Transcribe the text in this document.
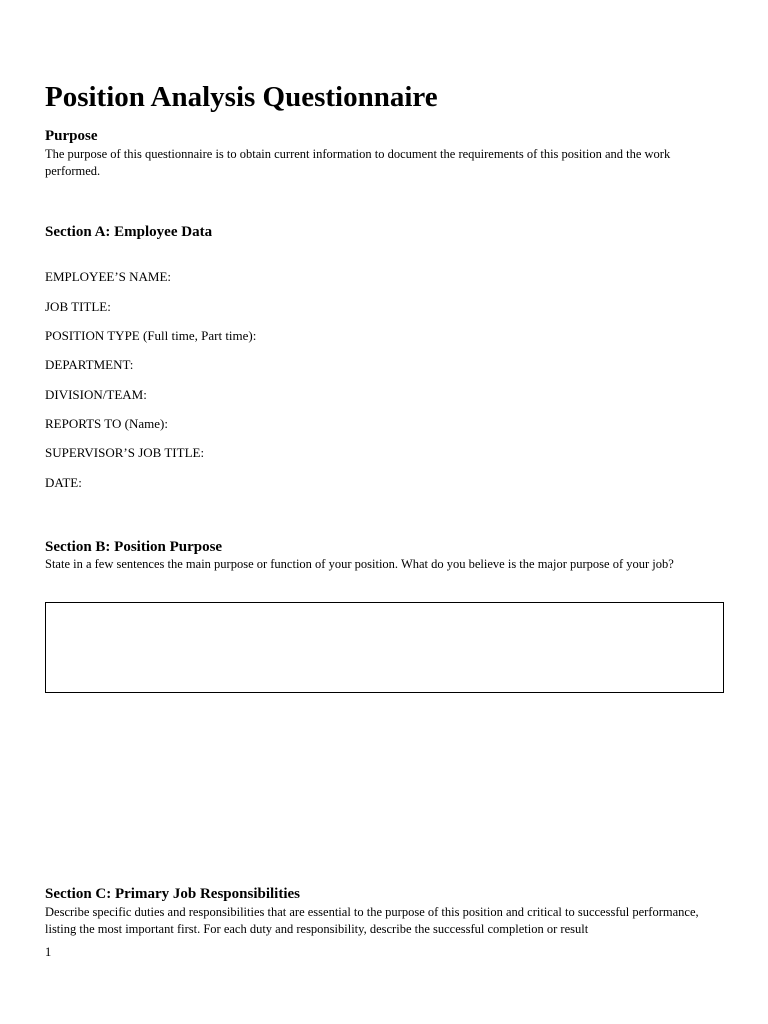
Position Analysis Questionnaire
Purpose

The purpose of this questionnaire is to obtain current information to document the requirements of this position and the work performed.

Section A: Employee Data

EMPLOYEE’S NAME:

JOB TITLE:

POSITION TYPE (Full time, Part time):

DEPARTMENT:

DIVISION/TEAM:

REPORTS TO (Name):

SUPERVISOR’S JOB TITLE:

DATE:

Section B: Position Purpose

State in a few sentences the main purpose or function of your position. What do you believe is the major purpose of your job?

Section C: Primary Job Responsibilities

Describe specific duties and responsibilities that are essential to the purpose of this position and critical to successful performance, listing the most important first. For each duty and responsibility, describe the successful completion or result

1
